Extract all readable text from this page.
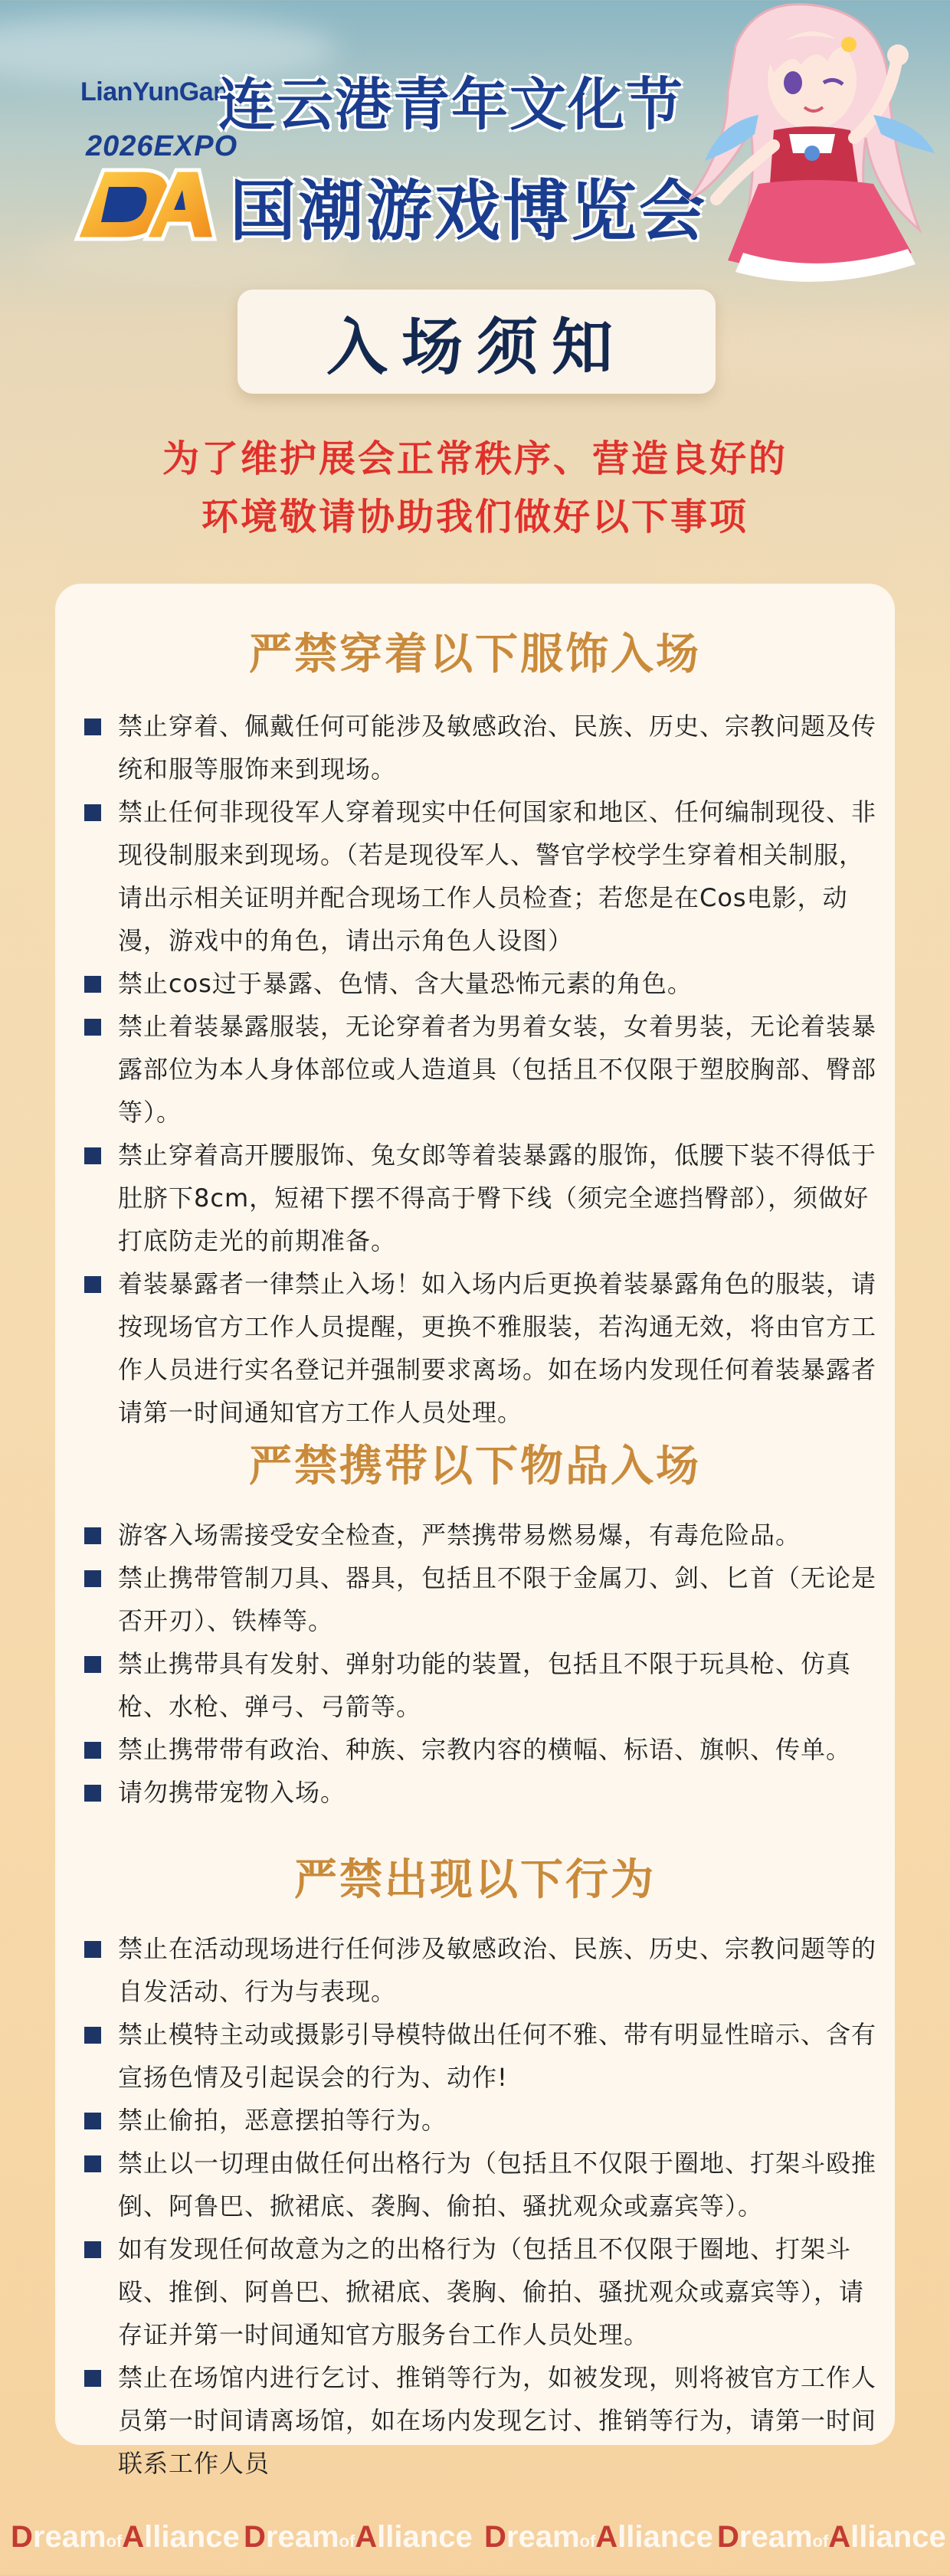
LianYunGang
2026EXPO
连云港青年文化节
国潮游戏博览会
入场须知
为了维护展会正常秩序、营造良好的
环境敬请协助我们做好以下事项
严禁穿着以下服饰入场
禁止穿着、佩戴任何可能涉及敏感政治、民族、历史、宗教问题及传统和服等服饰来到现场。
禁止任何非现役军人穿着现实中任何国家和地区、任何编制现役、非现役制服来到现场。（若是现役军人、警官学校学生穿着相关制服，请出示相关证明并配合现场工作人员检查；若您是在Cos电影，动漫，游戏中的角色，请出示角色人设图）
禁止cos过于暴露、色情、含大量恐怖元素的角色。
禁止着装暴露服装，无论穿着者为男着女装，女着男装，无论着装暴露部位为本人身体部位或人造道具（包括且不仅限于塑胶胸部、臀部等）。
禁止穿着高开腰服饰、兔女郎等着装暴露的服饰，低腰下装不得低于肚脐下8cm，短裙下摆不得高于臀下线（须完全遮挡臀部），须做好打底防走光的前期准备。
着装暴露者一律禁止入场！如入场内后更换着装暴露角色的服装，请按现场官方工作人员提醒，更换不雅服装，若沟通无效，将由官方工作人员进行实名登记并强制要求离场。如在场内发现任何着装暴露者请第一时间通知官方工作人员处理。
严禁携带以下物品入场
游客入场需接受安全检查，严禁携带易燃易爆，有毒危险品。
禁止携带管制刀具、器具，包括且不限于金属刀、剑、匕首（无论是否开刃）、铁棒等。
禁止携带具有发射、弹射功能的装置，包括且不限于玩具枪、仿真枪、水枪、弹弓、弓箭等。
禁止携带带有政治、种族、宗教内容的横幅、标语、旗帜、传单。
请勿携带宠物入场。
严禁出现以下行为
禁止在活动现场进行任何涉及敏感政治、民族、历史、宗教问题等的自发活动、行为与表现。
禁止模特主动或摄影引导模特做出任何不雅、带有明显性暗示、含有宣扬色情及引起误会的行为、动作!
禁止偷拍，恶意摆拍等行为。
禁止以一切理由做任何出格行为（包括且不仅限于圈地、打架斗殴推倒、阿鲁巴、掀裙底、袭胸、偷拍、骚扰观众或嘉宾等）。
如有发现任何故意为之的出格行为（包括且不仅限于圈地、打架斗殴、推倒、阿兽巴、掀裙底、袭胸、偷拍、骚扰观众或嘉宾等），请存证并第一时间通知官方服务台工作人员处理。
禁止在场馆内进行乞讨、推销等行为，如被发现，则将被官方工作人员第一时间请离场馆，如在场内发现乞讨、推销等行为，请第一时间联系工作人员
DreamofAlliance DreamofAlliance DreamofAlliance DreamofAlliance
